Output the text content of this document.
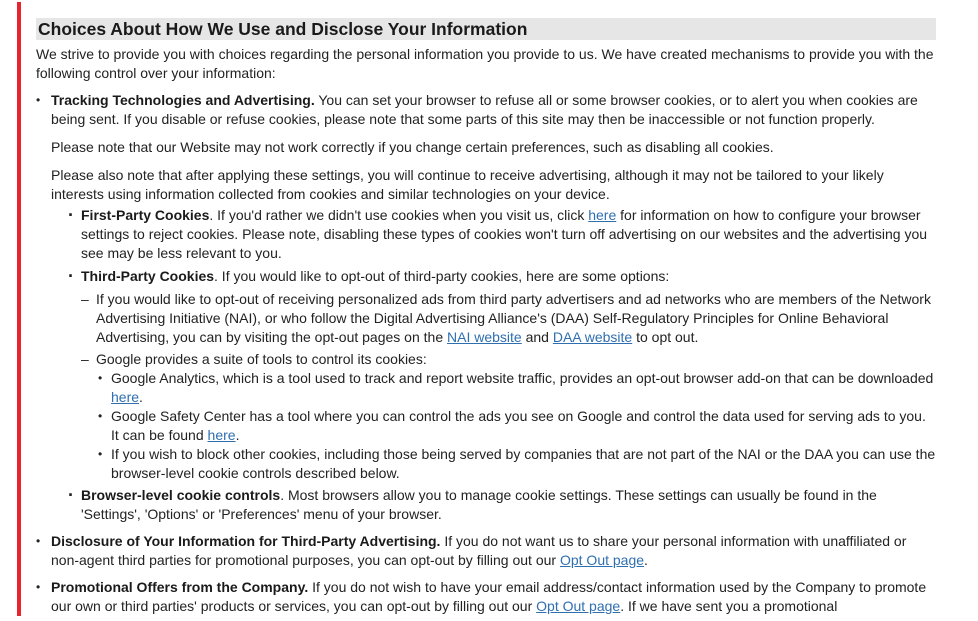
Choices About How We Use and Disclose Your Information

We strive to provide you with choices regarding the personal information you provide to us. We have created mechanisms to provide you with the following control over your information:

• Tracking Technologies and Advertising. You can set your browser to refuse all or some browser cookies, or to alert you when cookies are being sent. If you disable or refuse cookies, please note that some parts of this site may then be inaccessible or not function properly.

Please note that our Website may not work correctly if you change certain preferences, such as disabling all cookies.

Please also note that after applying these settings, you will continue to receive advertising, although it may not be tailored to your likely interests using information collected from cookies and similar technologies on your device.

· First-Party Cookies. If you'd rather we didn't use cookies when you visit us, click here for information on how to configure your browser settings to reject cookies. Please note, disabling these types of cookies won't turn off advertising on our websites and the advertising you see may be less relevant to you.
· Third-Party Cookies. If you would like to opt-out of third-party cookies, here are some options:
– If you would like to opt-out of receiving personalized ads from third party advertisers and ad networks who are members of the Network Advertising Initiative (NAI), or who follow the Digital Advertising Alliance's (DAA) Self-Regulatory Principles for Online Behavioral Advertising, you can by visiting the opt-out pages on the NAI website and DAA website to opt out.
– Google provides a suite of tools to control its cookies:
• Google Analytics, which is a tool used to track and report website traffic, provides an opt-out browser add-on that can be downloaded here.
• Google Safety Center has a tool where you can control the ads you see on Google and control the data used for serving ads to you. It can be found here.
• If you wish to block other cookies, including those being served by companies that are not part of the NAI or the DAA you can use the browser-level cookie controls described below.
· Browser-level cookie controls. Most browsers allow you to manage cookie settings. These settings can usually be found in the 'Settings', 'Options' or 'Preferences' menu of your browser.
• Disclosure of Your Information for Third-Party Advertising. If you do not want us to share your personal information with unaffiliated or non-agent third parties for promotional purposes, you can opt-out by filling out our Opt Out page.
• Promotional Offers from the Company. If you do not wish to have your email address/contact information used by the Company to promote our own or third parties' products or services, you can opt-out by filling out our Opt Out page. If we have sent you a promotional
